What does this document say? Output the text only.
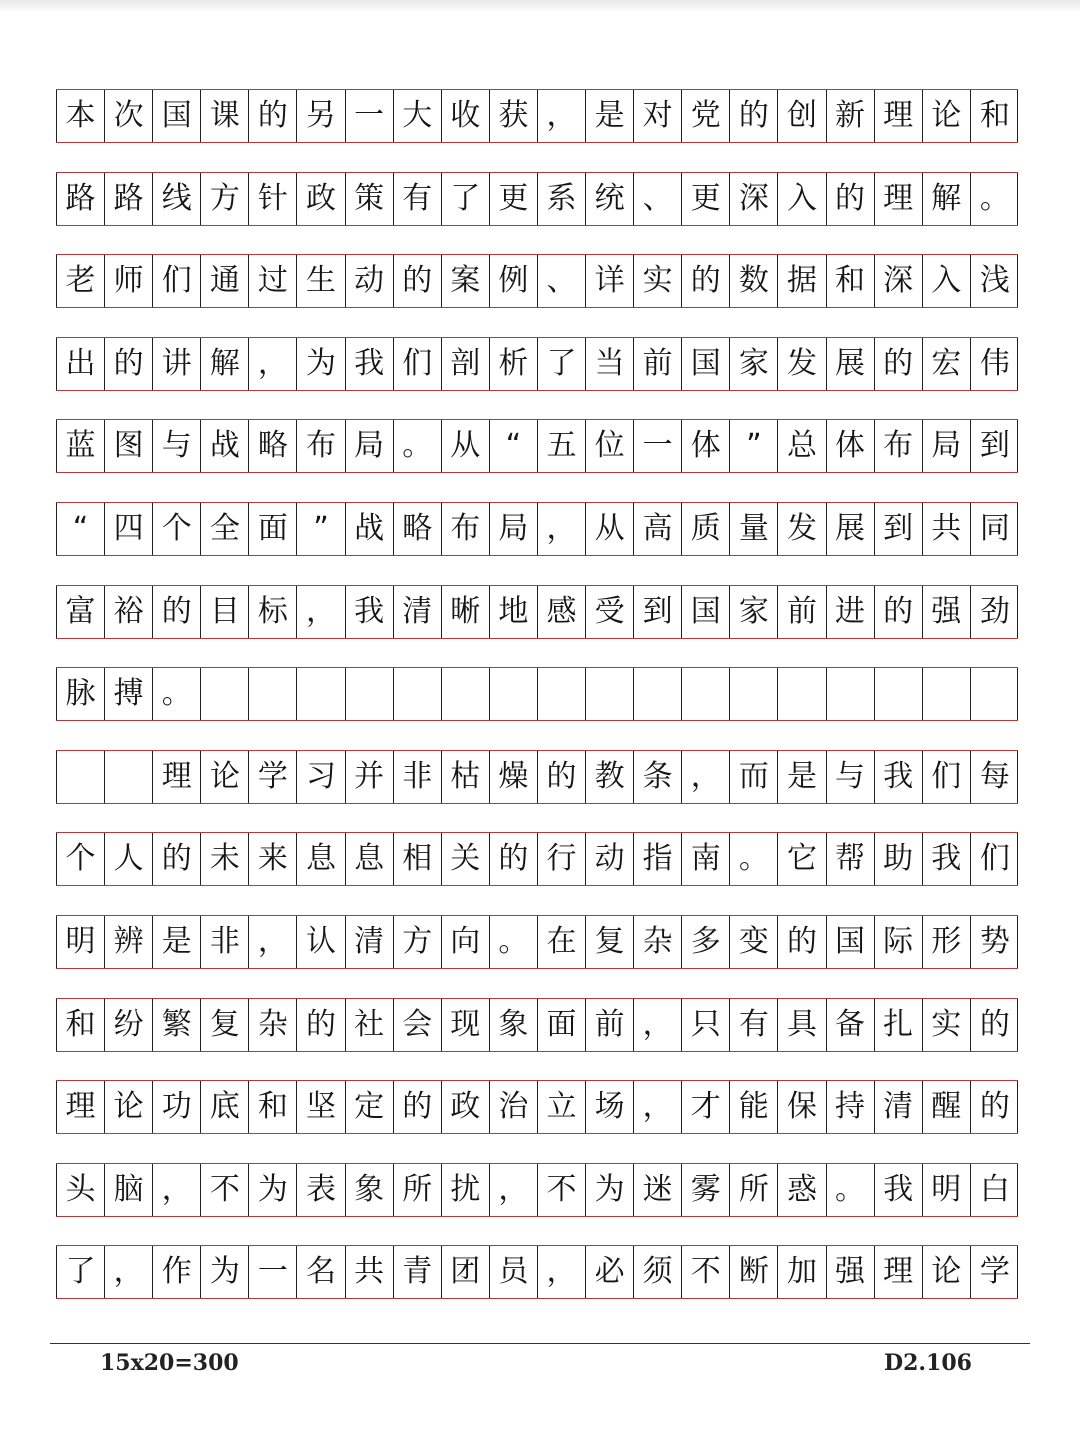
本 次 国 课 的 另 一 大 收 获 ， 是 对 党 的 创 新 理 论 和
路 路 线 方 针 政 策 有 了 更 系 统 、 更 深 入 的 理 解 。
老 师 们 通 过 生 动 的 案 例 、 详 实 的 数 据 和 深 入 浅
出 的 讲 解 ， 为 我 们 剖 析 了 当 前 国 家 发 展 的 宏 伟
蓝 图 与 战 略 布 局 。 从 “ 五 位 一 体 ” 总 体 布 局 到
“ 四 个 全 面 ” 战 略 布 局 ， 从 高 质 量 发 展 到 共 同
富 裕 的 目 标 ， 我 清 晰 地 感 受 到 国 家 前 进 的 强 劲
脉 搏 。
理 论 学 习 并 非 枯 燥 的 教 条 ， 而 是 与 我 们 每
个 人 的 未 来 息 息 相 关 的 行 动 指 南 。 它 帮 助 我 们
明 辨 是 非 ， 认 清 方 向 。 在 复 杂 多 变 的 国 际 形 势
和 纷 繁 复 杂 的 社 会 现 象 面 前 ， 只 有 具 备 扎 实 的
理 论 功 底 和 坚 定 的 政 治 立 场 ， 才 能 保 持 清 醒 的
头 脑 ， 不 为 表 象 所 扰 ， 不 为 迷 雾 所 惑 。 我 明 白
了 ， 作 为 一 名 共 青 团 员 ， 必 须 不 断 加 强 理 论 学
15x20=300	D2.106
